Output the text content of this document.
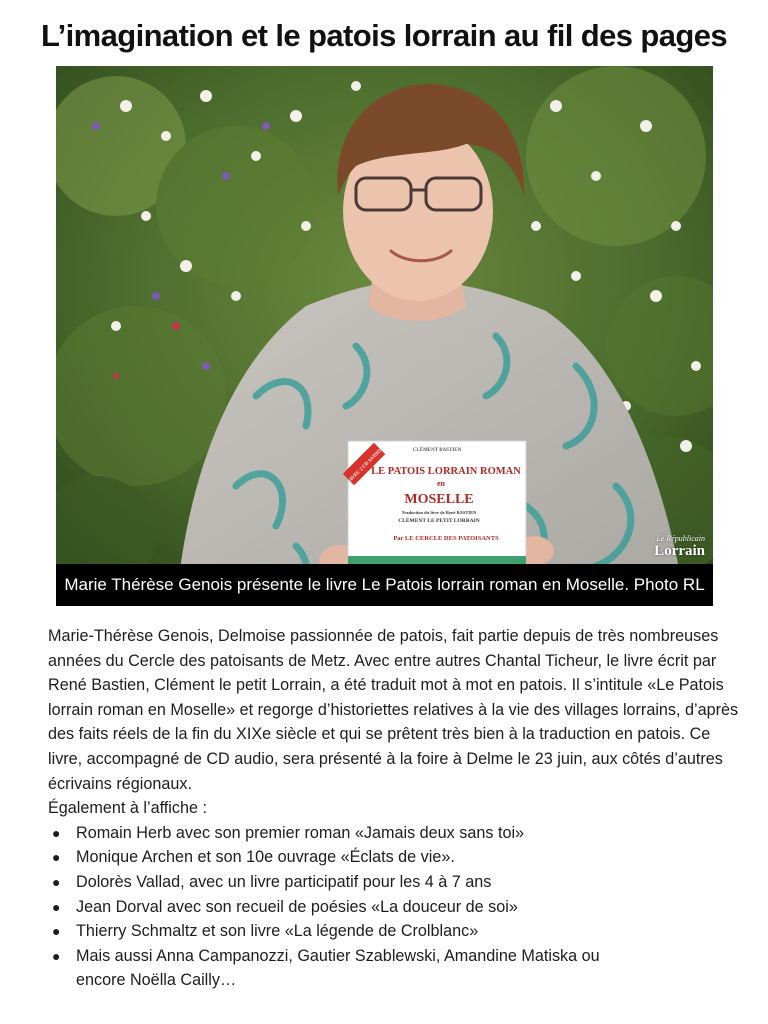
L’imagination et le patois lorrain au fil des pages
CLÉMENT BASTIEN
AVEC 2 CD AUDIO
LE PATOIS LORRAIN ROMAN
en
MOSELLE
Traduction du livre de René BASTIEN
CLÉMENT LE PETIT LORRAIN
Par LE CERCLE DES PATOISANTS	Le Républicain
Lorrain
Marie Thérèse Genois présente le livre Le Patois lorrain roman en Moselle. Photo RL

Marie-Thérèse Genois, Delmoise passionnée de patois, fait partie depuis de très nombreuses années du Cercle des patoisants de Metz. Avec entre autres Chantal Ticheur, le livre écrit par René Bastien, Clément le petit Lorrain, a été traduit mot à mot en patois. Il s’intitule «Le Patois lorrain roman en Moselle» et regorge d’historiettes relatives à la vie des villages lorrains, d’après des faits réels de la fin du XIXe siècle et qui se prêtent très bien à la traduction en patois. Ce livre, accompagné de CD audio, sera présenté à la foire à Delme le 23 juin, aux côtés d’autres écrivains régionaux.

Également à l’affiche :

● Romain Herb avec son premier roman «Jamais deux sans toi»
● Monique Archen et son 10e ouvrage «Éclats de vie».
● Dolorès Vallad, avec un livre participatif pour les 4 à 7 ans
● Jean Dorval avec son recueil de poésies «La douceur de soi»
● Thierry Schmaltz et son livre «La légende de Crolblanc»
● Mais aussi Anna Campanozzi, Gautier Szablewski, Amandine Matiska ou encore Noëlla Cailly…
